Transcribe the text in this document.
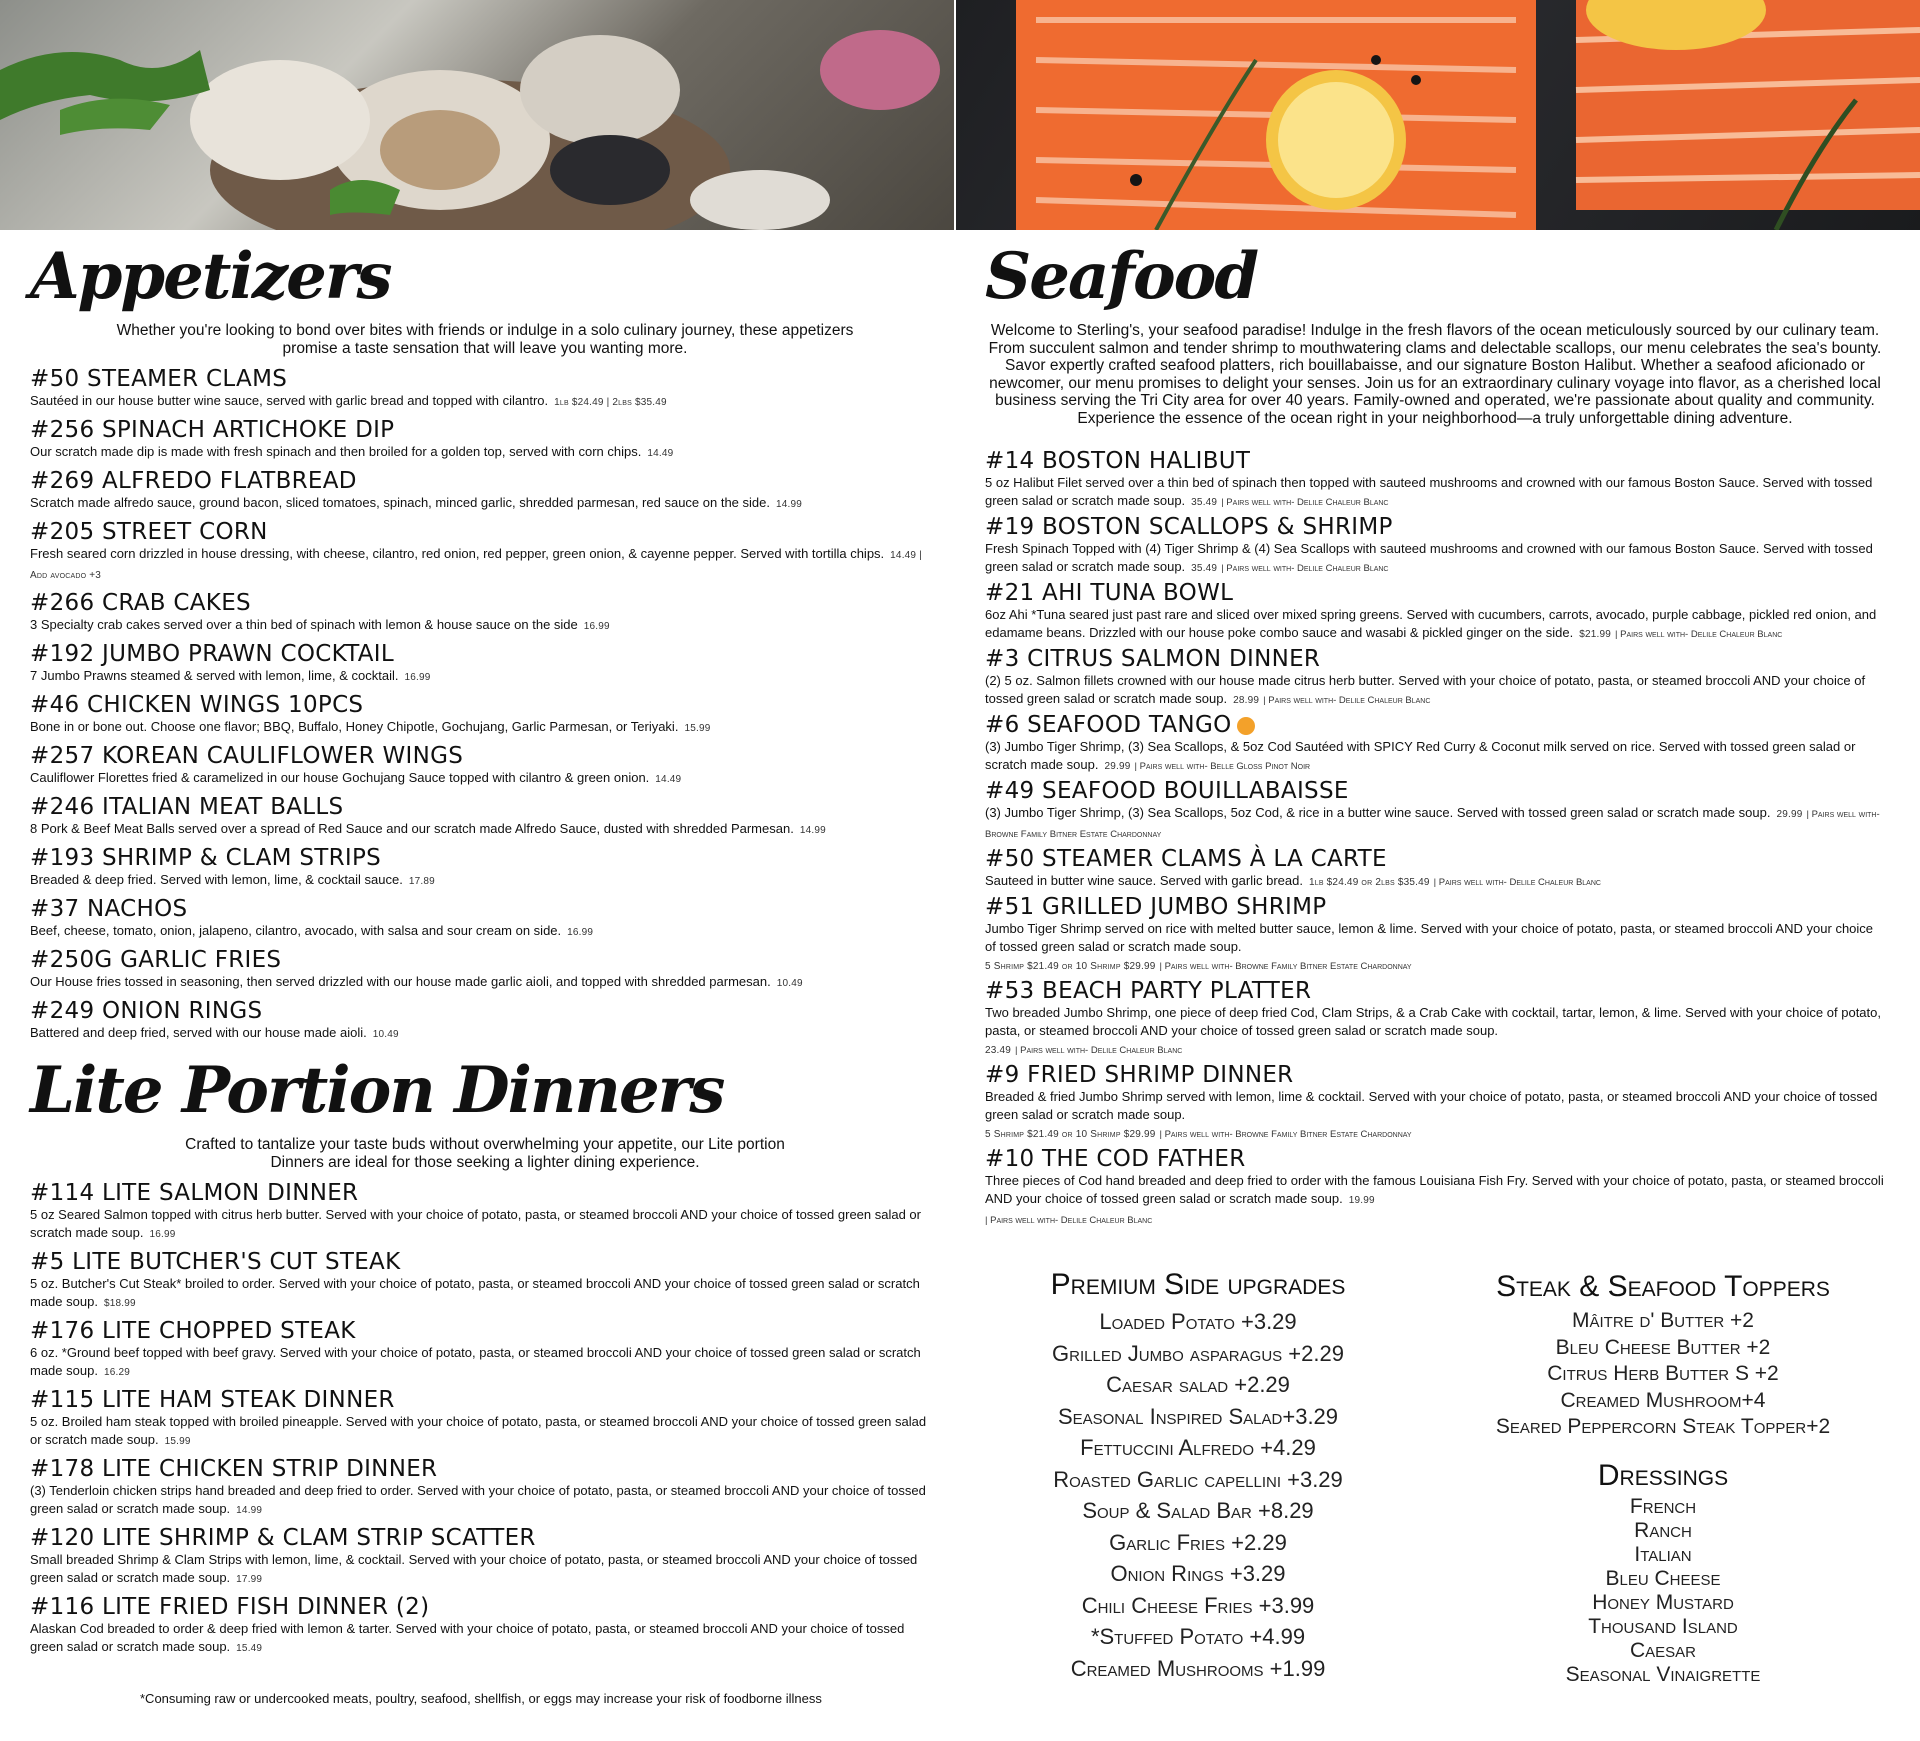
Appetizers

Whether you're looking to bond over bites with friends or indulge in a solo culinary journey, these appetizers promise a taste sensation that will leave you wanting more.

#50 STEAMER CLAMS
Sautéed in our house butter wine sauce, served with garlic bread and topped with cilantro. 1lb $24.49 | 2lbs $35.49
#256 SPINACH ARTICHOKE DIP
Our scratch made dip is made with fresh spinach and then broiled for a golden top, served with corn chips. 14.49
#269 ALFREDO FLATBREAD
Scratch made alfredo sauce, ground bacon, sliced tomatoes, spinach, minced garlic, shredded parmesan, red sauce on the side. 14.99
#205 STREET CORN
Fresh seared corn drizzled in house dressing, with cheese, cilantro, red onion, red pepper, green onion, & cayenne pepper. Served with tortilla chips. 14.49 | Add avocado +3
#266 CRAB CAKES
3 Specialty crab cakes served over a thin bed of spinach with lemon & house sauce on the side 16.99
#192 JUMBO PRAWN COCKTAIL
7 Jumbo Prawns steamed & served with lemon, lime, & cocktail. 16.99
#46 CHICKEN WINGS 10PCS
Bone in or bone out. Choose one flavor; BBQ, Buffalo, Honey Chipotle, Gochujang, Garlic Parmesan, or Teriyaki. 15.99
#257 KOREAN CAULIFLOWER WINGS
Cauliflower Florettes fried & caramelized in our house Gochujang Sauce topped with cilantro & green onion. 14.49
#246 ITALIAN MEAT BALLS
8 Pork & Beef Meat Balls served over a spread of Red Sauce and our scratch made Alfredo Sauce, dusted with shredded Parmesan. 14.99
#193 SHRIMP & CLAM STRIPS
Breaded & deep fried. Served with lemon, lime, & cocktail sauce. 17.89
#37 NACHOS
Beef, cheese, tomato, onion, jalapeno, cilantro, avocado, with salsa and sour cream on side. 16.99
#250G GARLIC FRIES
Our House fries tossed in seasoning, then served drizzled with our house made garlic aioli, and topped with shredded parmesan. 10.49
#249 ONION RINGS
Battered and deep fried, served with our house made aioli. 10.49
Lite Portion Dinners

Crafted to tantalize your taste buds without overwhelming your appetite, our Lite portion Dinners are ideal for those seeking a lighter dining experience.

#114 LITE SALMON DINNER
5 oz Seared Salmon topped with citrus herb butter. Served with your choice of potato, pasta, or steamed broccoli AND your choice of tossed green salad or scratch made soup. 16.99
#5 LITE BUTCHER'S CUT STEAK
5 oz. Butcher's Cut Steak* broiled to order. Served with your choice of potato, pasta, or steamed broccoli AND your choice of tossed green salad or scratch made soup. $18.99
#176 LITE CHOPPED STEAK
6 oz. *Ground beef topped with beef gravy. Served with your choice of potato, pasta, or steamed broccoli AND your choice of tossed green salad or scratch made soup. 16.29
#115 LITE HAM STEAK DINNER
5 oz. Broiled ham steak topped with broiled pineapple. Served with your choice of potato, pasta, or steamed broccoli AND your choice of tossed green salad or scratch made soup. 15.99
#178 LITE CHICKEN STRIP DINNER
(3) Tenderloin chicken strips hand breaded and deep fried to order. Served with your choice of potato, pasta, or steamed broccoli AND your choice of tossed green salad or scratch made soup. 14.99
#120 LITE SHRIMP & CLAM STRIP SCATTER
Small breaded Shrimp & Clam Strips with lemon, lime, & cocktail. Served with your choice of potato, pasta, or steamed broccoli AND your choice of tossed green salad or scratch made soup. 17.99
#116 LITE FRIED FISH DINNER (2)
Alaskan Cod breaded to order & deep fried with lemon & tarter. Served with your choice of potato, pasta, or steamed broccoli AND your choice of tossed green salad or scratch made soup. 15.49

*Consuming raw or undercooked meats, poultry, seafood, shellfish, or eggs may increase your risk of foodborne illness

Seafood

Welcome to Sterling's, your seafood paradise! Indulge in the fresh flavors of the ocean meticulously sourced by our culinary team. From succulent salmon and tender shrimp to mouthwatering clams and delectable scallops, our menu celebrates the sea's bounty. Savor expertly crafted seafood platters, rich bouillabaisse, and our signature Boston Halibut. Whether a seafood aficionado or newcomer, our menu promises to delight your senses. Join us for an extraordinary culinary voyage into flavor, as a cherished local business serving the Tri City area for over 40 years. Family-owned and operated, we're passionate about quality and community. Experience the essence of the ocean right in your neighborhood—a truly unforgettable dining adventure.

#14 BOSTON HALIBUT
5 oz Halibut Filet served over a thin bed of spinach then topped with sauteed mushrooms and crowned with our famous Boston Sauce. Served with tossed green salad or scratch made soup. 35.49 | Pairs well with- Delile Chaleur Blanc
#19 BOSTON SCALLOPS & SHRIMP
Fresh Spinach Topped with (4) Tiger Shrimp & (4) Sea Scallops with sauteed mushrooms and crowned with our famous Boston Sauce. Served with tossed green salad or scratch made soup. 35.49 | Pairs well with- Delile Chaleur Blanc
#21 AHI TUNA BOWL
6oz Ahi *Tuna seared just past rare and sliced over mixed spring greens. Served with cucumbers, carrots, avocado, purple cabbage, pickled red onion, and edamame beans. Drizzled with our house poke combo sauce and wasabi & pickled ginger on the side. $21.99 | Pairs well with- Delile Chaleur Blanc
#3 CITRUS SALMON DINNER
(2) 5 oz. Salmon fillets crowned with our house made citrus herb butter. Served with your choice of potato, pasta, or steamed broccoli AND your choice of tossed green salad or scratch made soup. 28.99 | Pairs well with- Delile Chaleur Blanc
#6 SEAFOOD TANGO
(3) Jumbo Tiger Shrimp, (3) Sea Scallops, & 5oz Cod Sautéed with SPICY Red Curry & Coconut milk served on rice. Served with tossed green salad or scratch made soup. 29.99 | Pairs well with- Belle Gloss Pinot Noir
#49 SEAFOOD BOUILLABAISSE
(3) Jumbo Tiger Shrimp, (3) Sea Scallops, 5oz Cod, & rice in a butter wine sauce. Served with tossed green salad or scratch made soup. 29.99 | Pairs well with- Browne Family Bitner Estate Chardonnay
#50 STEAMER CLAMS À LA CARTE
Sauteed in butter wine sauce. Served with garlic bread. 1lb $24.49 or 2lbs $35.49 | Pairs well with- Delile Chaleur Blanc
#51 GRILLED JUMBO SHRIMP
Jumbo Tiger Shrimp served on rice with melted butter sauce, lemon & lime. Served with your choice of potato, pasta, or steamed broccoli AND your choice of tossed green salad or scratch made soup.
5 Shrimp $21.49 or 10 Shrimp $29.99 | Pairs well with- Browne Family Bitner Estate Chardonnay
#53 BEACH PARTY PLATTER
Two breaded Jumbo Shrimp, one piece of deep fried Cod, Clam Strips, & a Crab Cake with cocktail, tartar, lemon, & lime. Served with your choice of potato, pasta, or steamed broccoli AND your choice of tossed green salad or scratch made soup.
23.49 | Pairs well with- Delile Chaleur Blanc
#9 FRIED SHRIMP DINNER
Breaded & fried Jumbo Shrimp served with lemon, lime & cocktail. Served with your choice of potato, pasta, or steamed broccoli AND your choice of tossed green salad or scratch made soup.
5 Shrimp $21.49 or 10 Shrimp $29.99 | Pairs well with- Browne Family Bitner Estate Chardonnay
#10 THE COD FATHER
Three pieces of Cod hand breaded and deep fried to order with the famous Louisiana Fish Fry. Served with your choice of potato, pasta, or steamed broccoli AND your choice of tossed green salad or scratch made soup. 19.99
| Pairs well with- Delile Chaleur Blanc
Premium Side upgrades
Loaded Potato +3.29
Grilled Jumbo asparagus +2.29
Caesar salad +2.29
Seasonal Inspired Salad+3.29
Fettuccini Alfredo +4.29
Roasted Garlic capellini +3.29
Soup & Salad Bar +8.29
Garlic Fries +2.29
Onion Rings +3.29
Chili Cheese Fries +3.99
*Stuffed Potato +4.99
Creamed Mushrooms +1.99
Steak & Seafood Toppers
Mâitre d' Butter +2
Bleu Cheese Butter +2
Citrus Herb Butter S +2
Creamed Mushroom+4
Seared Peppercorn Steak Topper+2
Dressings
French
Ranch
Italian
Bleu Cheese
Honey Mustard
Thousand Island
Caesar
Seasonal Vinaigrette
